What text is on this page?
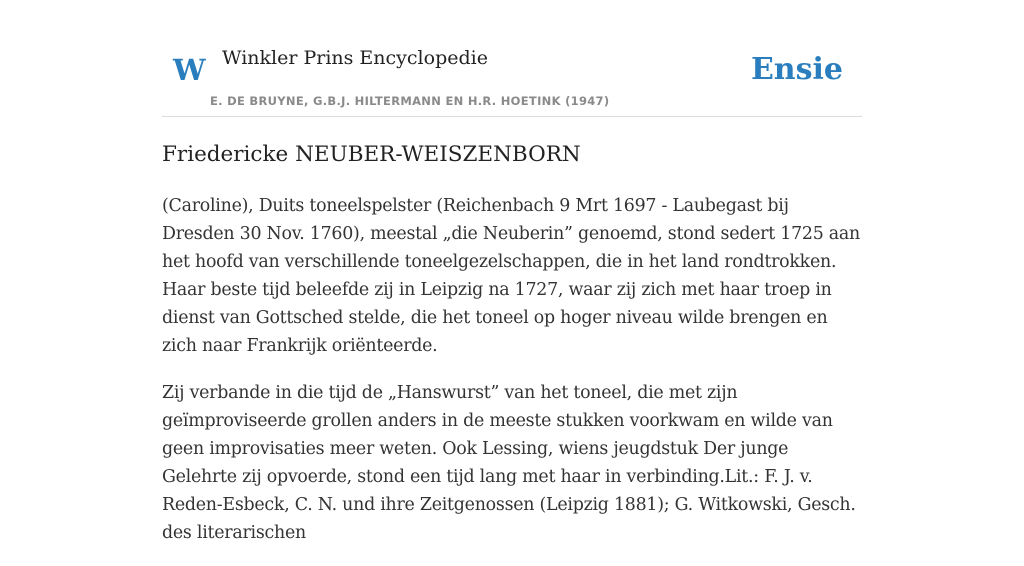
W Winkler Prins Encyclopedie
E. DE BRUYNE, G.B.J. HILTERMANN EN H.R. HOETINK (1947)
Ensie
Friedericke NEUBER-WEISZENBORN

(Caroline), Duits toneelspelster (Reichenbach 9 Mrt 1697 - Laubegast bij Dresden 30 Nov. 1760), meestal „die Neuberin” genoemd, stond sedert 1725 aan het hoofd van verschillende toneelgezelschappen, die in het land rondtrokken. Haar beste tijd beleefde zij in Leipzig na 1727, waar zij zich met haar troep in dienst van Gottsched stelde, die het toneel op hoger niveau wilde brengen en zich naar Frankrijk oriënteerde.

Zij verbande in die tijd de „Hanswurst” van het toneel, die met zijn geïmproviseerde grollen anders in de meeste stukken voorkwam en wilde van geen improvisaties meer weten. Ook Lessing, wiens jeugdstuk Der junge Gelehrte zij opvoerde, stond een tijd lang met haar in verbinding.Lit.: F. J. v. Reden-Esbeck, C. N. und ihre Zeitgenossen (Leipzig 1881); G. Witkowski, Gesch. des literarischen
